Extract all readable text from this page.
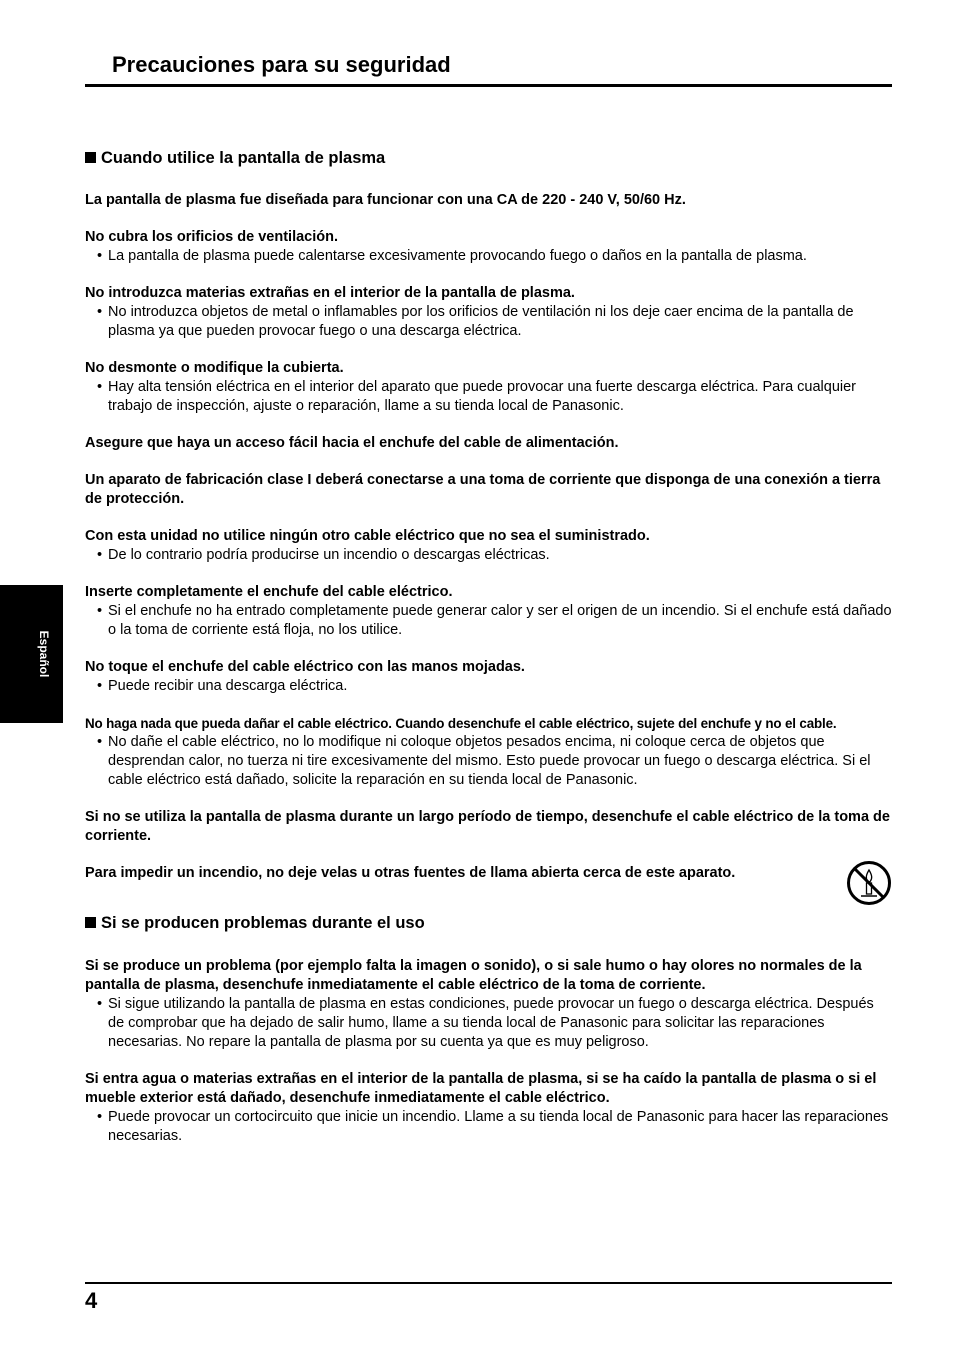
Precauciones para su seguridad
Español
Cuando utilice la pantalla de plasma
La pantalla de plasma fue diseñada para funcionar con una CA de 220 - 240 V, 50/60 Hz.
No cubra los orificios de ventilación.
• La pantalla de plasma puede calentarse excesivamente provocando fuego o daños en la pantalla de plasma.
No introduzca materias extrañas en el interior de la pantalla de plasma.
• No introduzca objetos de metal o inflamables por los orificios de ventilación ni los deje caer encima de la pantalla de plasma ya que pueden provocar fuego o una descarga eléctrica.
No desmonte o modifique la cubierta.
• Hay alta tensión eléctrica en el interior del aparato que puede provocar una fuerte descarga eléctrica. Para cualquier trabajo de inspección, ajuste o reparación, llame a su tienda local de Panasonic.
Asegure que haya un acceso fácil hacia el enchufe del cable de alimentación.
Un aparato de fabricación clase I deberá conectarse a una toma de corriente que disponga de una conexión a tierra de protección.
Con esta unidad no utilice ningún otro cable eléctrico que no sea el suministrado.
• De lo contrario podría producirse un incendio o descargas eléctricas.
Inserte completamente el enchufe del cable eléctrico.
• Si el enchufe no ha entrado completamente puede generar calor y ser el origen de un incendio. Si el enchufe está dañado o la toma de corriente está floja, no los utilice.
No toque el enchufe del cable eléctrico con las manos mojadas.
• Puede recibir una descarga eléctrica.
No haga nada que pueda dañar el cable eléctrico. Cuando desenchufe el cable eléctrico, sujete del enchufe y no el cable.
• No dañe el cable eléctrico, no lo modifique ni coloque objetos pesados encima, ni coloque cerca de objetos que desprendan calor, no tuerza ni tire excesivamente del mismo. Esto puede provocar un fuego o descarga eléctrica. Si el cable eléctrico está dañado, solicite la reparación en su tienda local de Panasonic.
Si no se utiliza la pantalla de plasma durante un largo período de tiempo, desenchufe el cable eléctrico de la toma de corriente.
Para impedir un incendio, no deje velas u otras fuentes de llama abierta cerca de este aparato.
Si se producen problemas durante el uso
Si se produce un problema (por ejemplo falta la imagen o sonido), o si sale humo o hay olores no normales de la pantalla de plasma, desenchufe inmediatamente el cable eléctrico de la toma de corriente.
• Si sigue utilizando la pantalla de plasma en estas condiciones, puede provocar un fuego o descarga eléctrica. Después de comprobar que ha dejado de salir humo, llame a su tienda local de Panasonic para solicitar las reparaciones necesarias. No repare la pantalla de plasma por su cuenta ya que es muy peligroso.
Si entra agua o materias extrañas en el interior de la pantalla de plasma, si se ha caído la pantalla de plasma o si el mueble exterior está dañado, desenchufe inmediatamente el cable eléctrico.
• Puede provocar un cortocircuito que inicie un incendio. Llame a su tienda local de Panasonic para hacer las reparaciones necesarias.
4
